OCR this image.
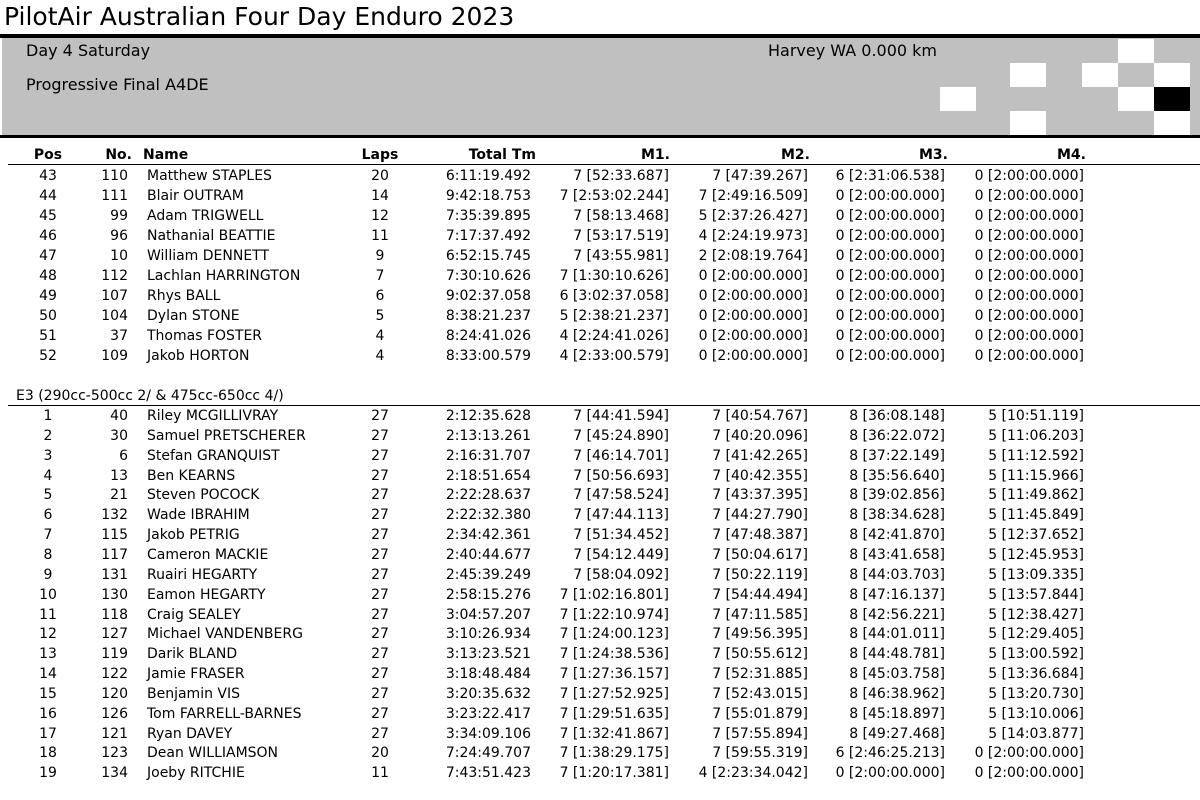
PilotAir Australian Four Day Enduro 2023
Day 4 Saturday	Harvey WA 0.000 km
Progressive Final A4DE
Pos	No. Name	Laps	Total Tm	M1.	M2.	M3.	M4.
43	110 Matthew STAPLES	20	6:11:19.492	7 [52:33.687]	7 [47:39.267]	6 [2:31:06.538]	0 [2:00:00.000]
44	111 Blair OUTRAM	14	9:42:18.753	7 [2:53:02.244]	7 [2:49:16.509]	0 [2:00:00.000]	0 [2:00:00.000]
45	99 Adam TRIGWELL	12	7:35:39.895	7 [58:13.468]	5 [2:37:26.427]	0 [2:00:00.000]	0 [2:00:00.000]
46	96 Nathanial BEATTIE	11	7:17:37.492	7 [53:17.519]	4 [2:24:19.973]	0 [2:00:00.000]	0 [2:00:00.000]
47	10 William DENNETT	9	6:52:15.745	7 [43:55.981]	2 [2:08:19.764]	0 [2:00:00.000]	0 [2:00:00.000]
48	112 Lachlan HARRINGTON	7	7:30:10.626	7 [1:30:10.626]	0 [2:00:00.000]	0 [2:00:00.000]	0 [2:00:00.000]
49	107 Rhys BALL	6	9:02:37.058	6 [3:02:37.058]	0 [2:00:00.000]	0 [2:00:00.000]	0 [2:00:00.000]
50	104 Dylan STONE	5	8:38:21.237	5 [2:38:21.237]	0 [2:00:00.000]	0 [2:00:00.000]	0 [2:00:00.000]
51	37 Thomas FOSTER	4	8:24:41.026	4 [2:24:41.026]	0 [2:00:00.000]	0 [2:00:00.000]	0 [2:00:00.000]
52	109 Jakob HORTON	4	8:33:00.579	4 [2:33:00.579]	0 [2:00:00.000]	0 [2:00:00.000]	0 [2:00:00.000]
E3 (290cc-500cc 2/ & 475cc-650cc 4/)
1	40 Riley MCGILLIVRAY	27	2:12:35.628	7 [44:41.594]	7 [40:54.767]	8 [36:08.148]	5 [10:51.119]
2	30 Samuel PRETSCHERER	27	2:13:13.261	7 [45:24.890]	7 [40:20.096]	8 [36:22.072]	5 [11:06.203]
3	6 Stefan GRANQUIST	27	2:16:31.707	7 [46:14.701]	7 [41:42.265]	8 [37:22.149]	5 [11:12.592]
4	13 Ben KEARNS	27	2:18:51.654	7 [50:56.693]	7 [40:42.355]	8 [35:56.640]	5 [11:15.966]
5	21 Steven POCOCK	27	2:22:28.637	7 [47:58.524]	7 [43:37.395]	8 [39:02.856]	5 [11:49.862]
6	132 Wade IBRAHIM	27	2:22:32.380	7 [47:44.113]	7 [44:27.790]	8 [38:34.628]	5 [11:45.849]
7	115 Jakob PETRIG	27	2:34:42.361	7 [51:34.452]	7 [47:48.387]	8 [42:41.870]	5 [12:37.652]
8	117 Cameron MACKIE	27	2:40:44.677	7 [54:12.449]	7 [50:04.617]	8 [43:41.658]	5 [12:45.953]
9	131 Ruairi HEGARTY	27	2:45:39.249	7 [58:04.092]	7 [50:22.119]	8 [44:03.703]	5 [13:09.335]
10	130 Eamon HEGARTY	27	2:58:15.276	7 [1:02:16.801]	7 [54:44.494]	8 [47:16.137]	5 [13:57.844]
11	118 Craig SEALEY	27	3:04:57.207	7 [1:22:10.974]	7 [47:11.585]	8 [42:56.221]	5 [12:38.427]
12	127 Michael VANDENBERG	27	3:10:26.934	7 [1:24:00.123]	7 [49:56.395]	8 [44:01.011]	5 [12:29.405]
13	119 Darik BLAND	27	3:13:23.521	7 [1:24:38.536]	7 [50:55.612]	8 [44:48.781]	5 [13:00.592]
14	122 Jamie FRASER	27	3:18:48.484	7 [1:27:36.157]	7 [52:31.885]	8 [45:03.758]	5 [13:36.684]
15	120 Benjamin VIS	27	3:20:35.632	7 [1:27:52.925]	7 [52:43.015]	8 [46:38.962]	5 [13:20.730]
16	126 Tom FARRELL-BARNES	27	3:23:22.417	7 [1:29:51.635]	7 [55:01.879]	8 [45:18.897]	5 [13:10.006]
17	121 Ryan DAVEY	27	3:34:09.106	7 [1:32:41.867]	7 [57:55.894]	8 [49:27.468]	5 [14:03.877]
18	123 Dean WILLIAMSON	20	7:24:49.707	7 [1:38:29.175]	7 [59:55.319]	6 [2:46:25.213]	0 [2:00:00.000]
19	134 Joeby RITCHIE	11	7:43:51.423	7 [1:20:17.381]	4 [2:23:34.042]	0 [2:00:00.000]	0 [2:00:00.000]
